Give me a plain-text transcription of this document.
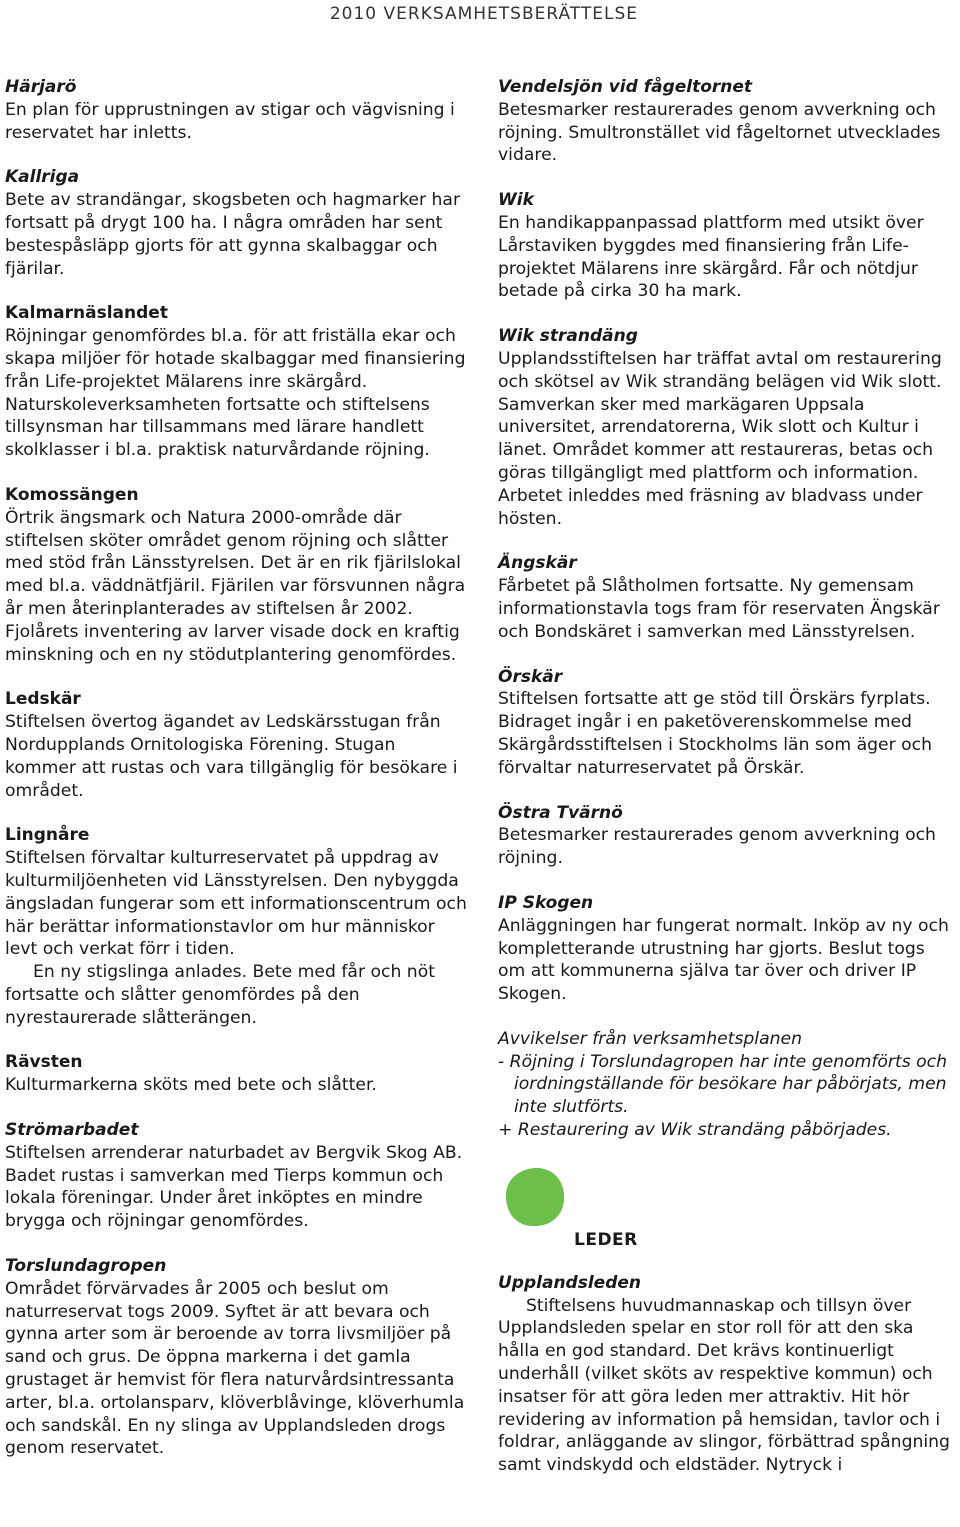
2010 VERKSAMHETSBERÄTTELSE
Härjarö

En plan för upprustningen av stigar och vägvisning i reservatet har inletts.

Kallriga

Bete av strandängar, skogsbeten och hagmarker har fortsatt på drygt 100 ha. I några områden har sent bestespåsläpp gjorts för att gynna skalbaggar och fjärilar.

Kalmarnäslandet

Röjningar genomfördes bl.a. för att friställa ekar och skapa miljöer för hotade skalbaggar med finansiering från Life-projektet Mälarens inre skärgård. Naturskoleverksamheten fortsatte och stiftelsens tillsynsman har tillsammans med lärare handlett skolklasser i bl.a. praktisk naturvårdande röjning.

Komossängen

Örtrik ängsmark och Natura 2000-område där stiftelsen sköter området genom röjning och slåtter med stöd från Länsstyrelsen. Det är en rik fjärilslokal med bl.a. väddnätfjäril. Fjärilen var försvunnen några år men återinplanterades av stiftelsen år 2002. Fjolårets inventering av larver visade dock en kraftig minskning och en ny stödutplantering genomfördes.

Ledskär

Stiftelsen övertog ägandet av Ledskärsstugan från Nordupplands Ornitologiska Förening. Stugan kommer att rustas och vara tillgänglig för besökare i området.

Lingnåre

Stiftelsen förvaltar kulturreservatet på uppdrag av kulturmiljöenheten vid Länsstyrelsen. Den nybyggda ängsladan fungerar som ett informationscentrum och här berättar informationstavlor om hur människor levt och verkat förr i tiden.

En ny stigslinga anlades. Bete med får och nöt fortsatte och slåtter genomfördes på den nyrestaurerade slåtterängen.

Rävsten

Kulturmarkerna sköts med bete och slåtter.

Strömarbadet

Stiftelsen arrenderar naturbadet av Bergvik Skog AB. Badet rustas i samverkan med Tierps kommun och lokala föreningar. Under året inköptes en mindre brygga och röjningar genomfördes.

Torslundagropen

Området förvärvades år 2005 och beslut om naturreservat togs 2009. Syftet är att bevara och gynna arter som är beroende av torra livsmiljöer på sand och grus. De öppna markerna i det gamla grustaget är hemvist för flera naturvårdsintressanta arter, bl.a. ortolansparv, klöverblåvinge, klöverhumla och sandskål. En ny slinga av Upplandsleden drogs genom reservatet.

Vendelsjön vid fågeltornet

Betesmarker restaurerades genom avverkning och röjning. Smultronstället vid fågeltornet utvecklades vidare.

Wik

En handikappanpassad plattform med utsikt över Lårstaviken byggdes med finansiering från Life-projektet Mälarens inre skärgård. Får och nötdjur betade på cirka 30 ha mark.

Wik strandäng

Upplandsstiftelsen har träffat avtal om restaurering och skötsel av Wik strandäng belägen vid Wik slott. Samverkan sker med markägaren Uppsala universitet, arrendatorerna, Wik slott och Kultur i länet. Området kommer att restaureras, betas och göras tillgängligt med plattform och information. Arbetet inleddes med fräsning av bladvass under hösten.

Ängskär

Fårbetet på Slåtholmen fortsatte. Ny gemensam informationstavla togs fram för reservaten Ängskär och Bondskäret i samverkan med Länsstyrelsen.

Örskär

Stiftelsen fortsatte att ge stöd till Örskärs fyrplats. Bidraget ingår i en paketöverenskommelse med Skärgårdsstiftelsen i Stockholms län som äger och förvaltar naturreservatet på Örskär.

Östra Tvärnö

Betesmarker restaurerades genom avverkning och röjning.

IP Skogen

Anläggningen har fungerat normalt. Inköp av ny och kompletterande utrustning har gjorts. Beslut togs om att kommunerna själva tar över och driver IP Skogen.

Avvikelser från verksamhetsplanen
- Röjning i Torslundagropen har inte genomförts och iordningställande för besökare har påbörjats, men inte slutförts.
+ Restaurering av Wik strandäng påbörjades.
LEDER
Upplandsleden

Stiftelsens huvudmannaskap och tillsyn över Upplandsleden spelar en stor roll för att den ska hålla en god standard. Det krävs kontinuerligt underhåll (vilket sköts av respektive kommun) och insatser för att göra leden mer attraktiv. Hit hör revidering av information på hemsidan, tavlor och i foldrar, anläggande av slingor, förbättrad spångning samt vindskydd och eldstäder. Nytryck i
